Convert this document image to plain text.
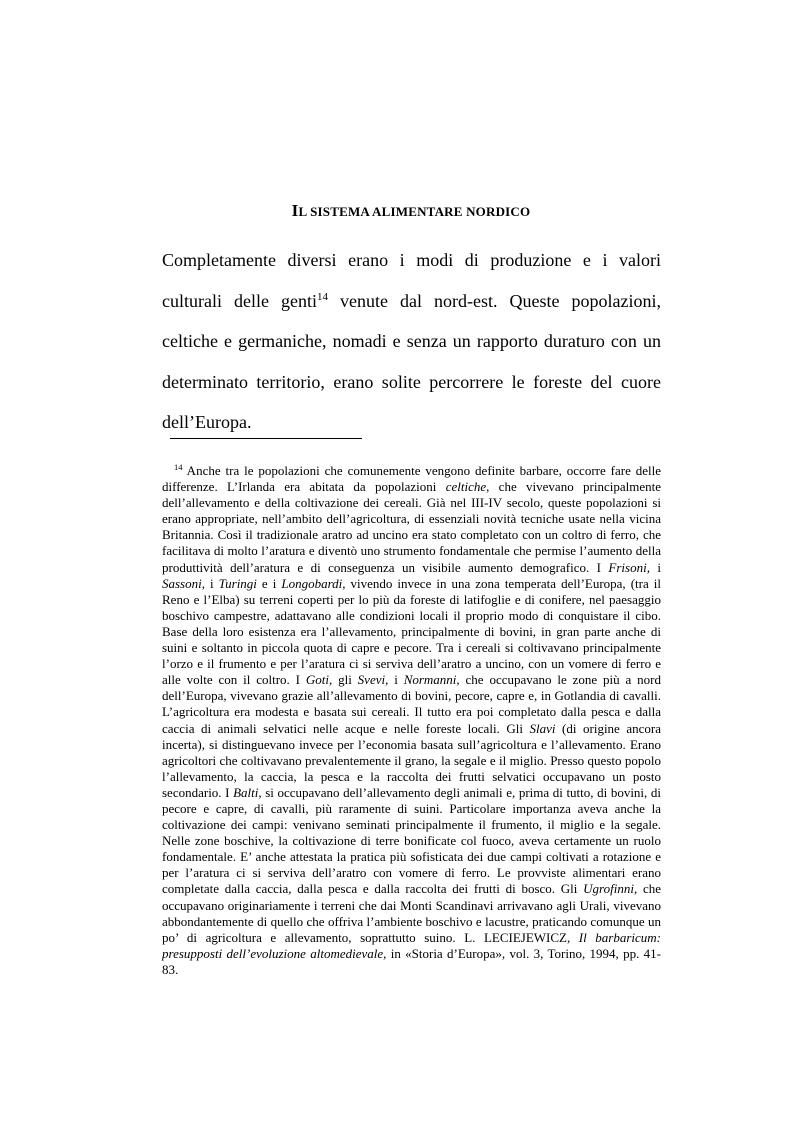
IL SISTEMA ALIMENTARE NORDICO

Completamente diversi erano i modi di produzione e i valori culturali delle genti$^{14}$ venute dal nord-est. Queste popolazioni, celtiche e germaniche, nomadi e senza un rapporto duraturo con un determinato territorio, erano solite percorrere le foreste del cuore dell’Europa.

$^{14}$ Anche tra le popolazioni che comunemente vengono definite barbare, occorre fare delle differenze. L’Irlanda era abitata da popolazioni celtiche, che vivevano principalmente dell’allevamento e della coltivazione dei cereali. Già nel III-IV secolo, queste popolazioni si erano appropriate, nell’ambito dell’agricoltura, di essenziali novità tecniche usate nella vicina Britannia. Così il tradizionale aratro ad uncino era stato completato con un coltro di ferro, che facilitava di molto l’aratura e diventò uno strumento fondamentale che permise l’aumento della produttività dell’aratura e di conseguenza un visibile aumento demografico. I Frisoni, i Sassoni, i Turingi e i Longobardi, vivendo invece in una zona temperata dell’Europa, (tra il Reno e l’Elba) su terreni coperti per lo più da foreste di latifoglie e di conifere, nel paesaggio boschivo campestre, adattavano alle condizioni locali il proprio modo di conquistare il cibo. Base della loro esistenza era l’allevamento, principalmente di bovini, in gran parte anche di suini e soltanto in piccola quota di capre e pecore. Tra i cereali si coltivavano principalmente l’orzo e il frumento e per l’aratura ci si serviva dell’aratro a uncino, con un vomere di ferro e alle volte con il coltro. I Goti, gli Svevi, i Normanni, che occupavano le zone più a nord dell’Europa, vivevano grazie all’allevamento di bovini, pecore, capre e, in Gotlandia di cavalli. L’agricoltura era modesta e basata sui cereali. Il tutto era poi completato dalla pesca e dalla caccia di animali selvatici nelle acque e nelle foreste locali. Gli Slavi (di origine ancora incerta), si distinguevano invece per l’economia basata sull’agricoltura e l’allevamento. Erano agricoltori che coltivavano prevalentemente il grano, la segale e il miglio. Presso questo popolo l’allevamento, la caccia, la pesca e la raccolta dei frutti selvatici occupavano un posto secondario. I Balti, si occupavano dell’allevamento degli animali e, prima di tutto, di bovini, di pecore e capre, di cavalli, più raramente di suini. Particolare importanza aveva anche la coltivazione dei campi: venivano seminati principalmente il frumento, il miglio e la segale. Nelle zone boschive, la coltivazione di terre bonificate col fuoco, aveva certamente un ruolo fondamentale. E’ anche attestata la pratica più sofisticata dei due campi coltivati a rotazione e per l’aratura ci si serviva dell’aratro con vomere di ferro. Le provviste alimentari erano completate dalla caccia, dalla pesca e dalla raccolta dei frutti di bosco. Gli Ugrofinni, che occupavano originariamente i terreni che dai Monti Scandinavi arrivavano agli Urali, vivevano abbondantemente di quello che offriva l’ambiente boschivo e lacustre, praticando comunque un po’ di agricoltura e allevamento, soprattutto suino. L. LECIEJEWICZ, Il barbaricum: presupposti dell’evoluzione altomedievale, in «Storia d’Europa», vol. 3, Torino, 1994, pp. 41-83.
